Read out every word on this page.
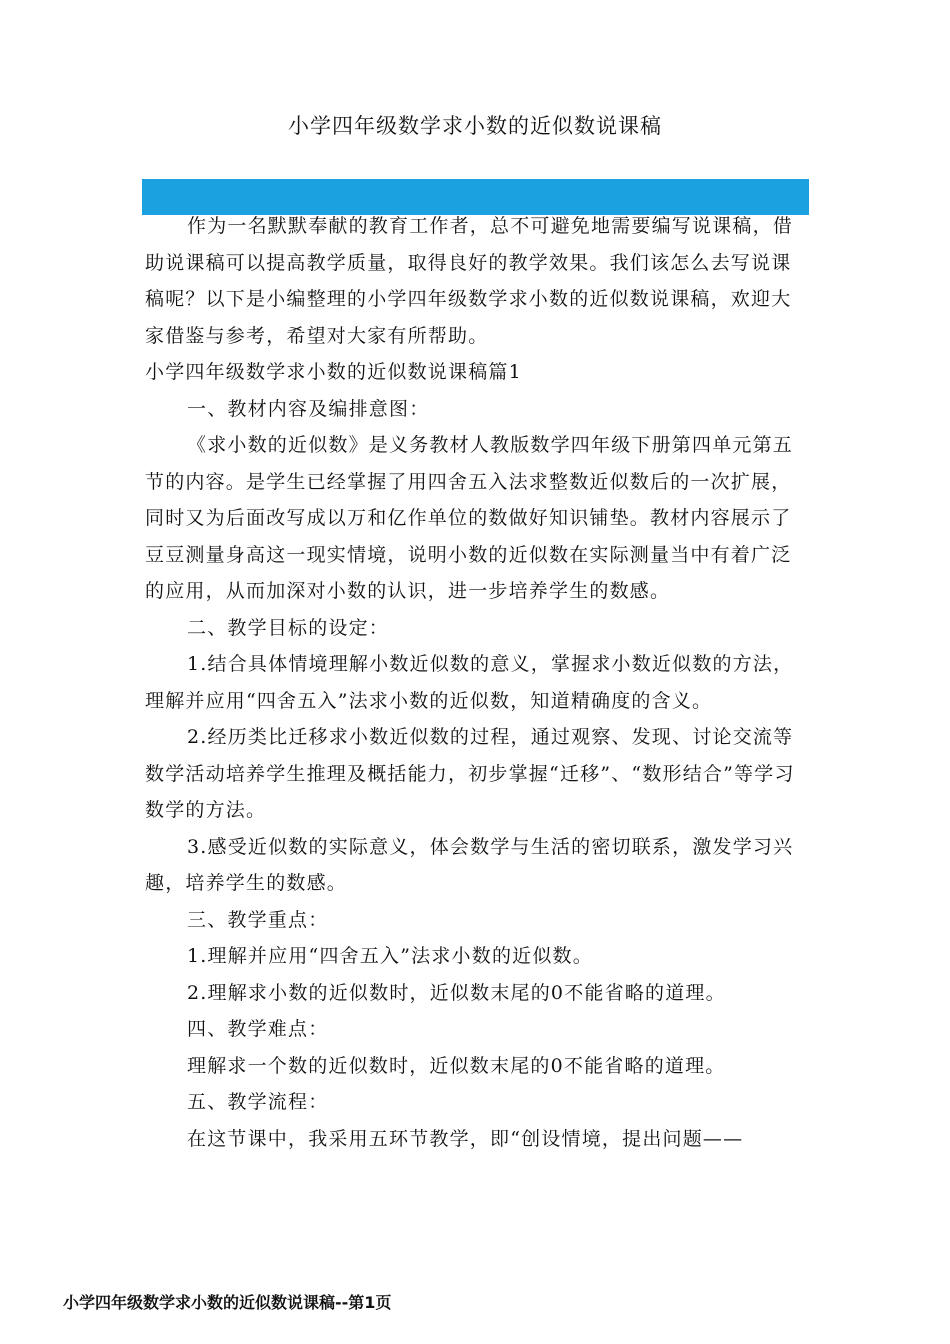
小学四年级数学求小数的近似数说课稿

作为一名默默奉献的教育工作者，总不可避免地需要编写说课稿，借助说课稿可以提高教学质量，取得良好的教学效果。我们该怎么去写说课稿呢？以下是小编整理的小学四年级数学求小数的近似数说课稿，欢迎大家借鉴与参考，希望对大家有所帮助。

小学四年级数学求小数的近似数说课稿篇1

一、教材内容及编排意图：

《求小数的近似数》是义务教材人教版数学四年级下册第四单元第五节的内容。是学生已经掌握了用四舍五入法求整数近似数后的一次扩展，同时又为后面改写成以万和亿作单位的数做好知识铺垫。教材内容展示了豆豆测量身高这一现实情境，说明小数的近似数在实际测量当中有着广泛的应用，从而加深对小数的认识，进一步培养学生的数感。

二、教学目标的设定：

1.结合具体情境理解小数近似数的意义，掌握求小数近似数的方法，理解并应用“四舍五入”法求小数的近似数，知道精确度的含义。

2.经历类比迁移求小数近似数的过程，通过观察、发现、讨论交流等数学活动培养学生推理及概括能力，初步掌握“迁移”、“数形结合”等学习数学的方法。

3.感受近似数的实际意义，体会数学与生活的密切联系，激发学习兴趣，培养学生的数感。

三、教学重点：

1.理解并应用“四舍五入”法求小数的近似数。

2.理解求小数的近似数时，近似数末尾的0不能省略的道理。

四、教学难点：

理解求一个数的近似数时，近似数末尾的0不能省略的道理。

五、教学流程：

在这节课中，我采用五环节教学，即“创设情境，提出问题——

小学四年级数学求小数的近似数说课稿--第1页
